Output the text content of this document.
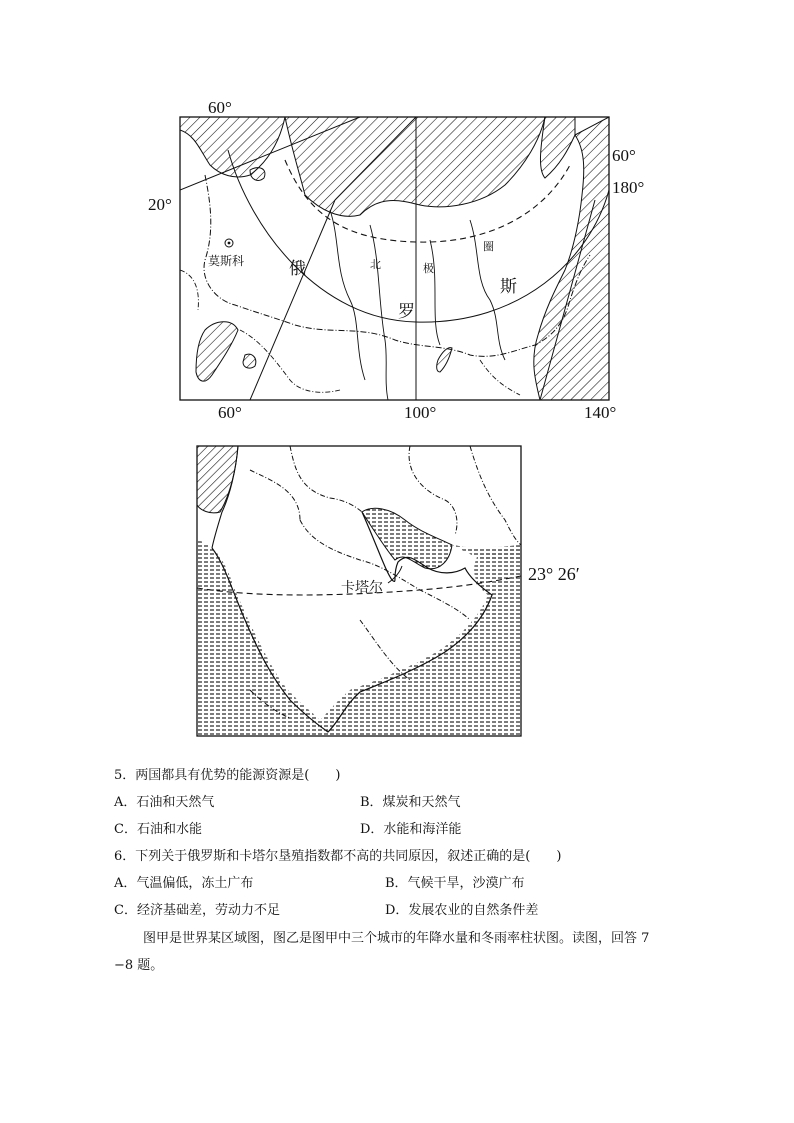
60°
60°
180°
20°
60°	100°	140°
莫斯科	俄
罗
斯
北	极
圈
卡塔尔
23° 26′
5．两国都具有优势的能源资源是(　　)
A．石油和天然气	B．煤炭和天然气
C．石油和水能	D．水能和海洋能
6．下列关于俄罗斯和卡塔尔垦殖指数都不高的共同原因，叙述正确的是(　　)
A．气温偏低，冻土广布	B．气候干旱，沙漠广布
C．经济基础差，劳动力不足	D．发展农业的自然条件差
图甲是世界某区域图，图乙是图甲中三个城市的年降水量和冬雨率柱状图。读图，回答 7
−8 题。
